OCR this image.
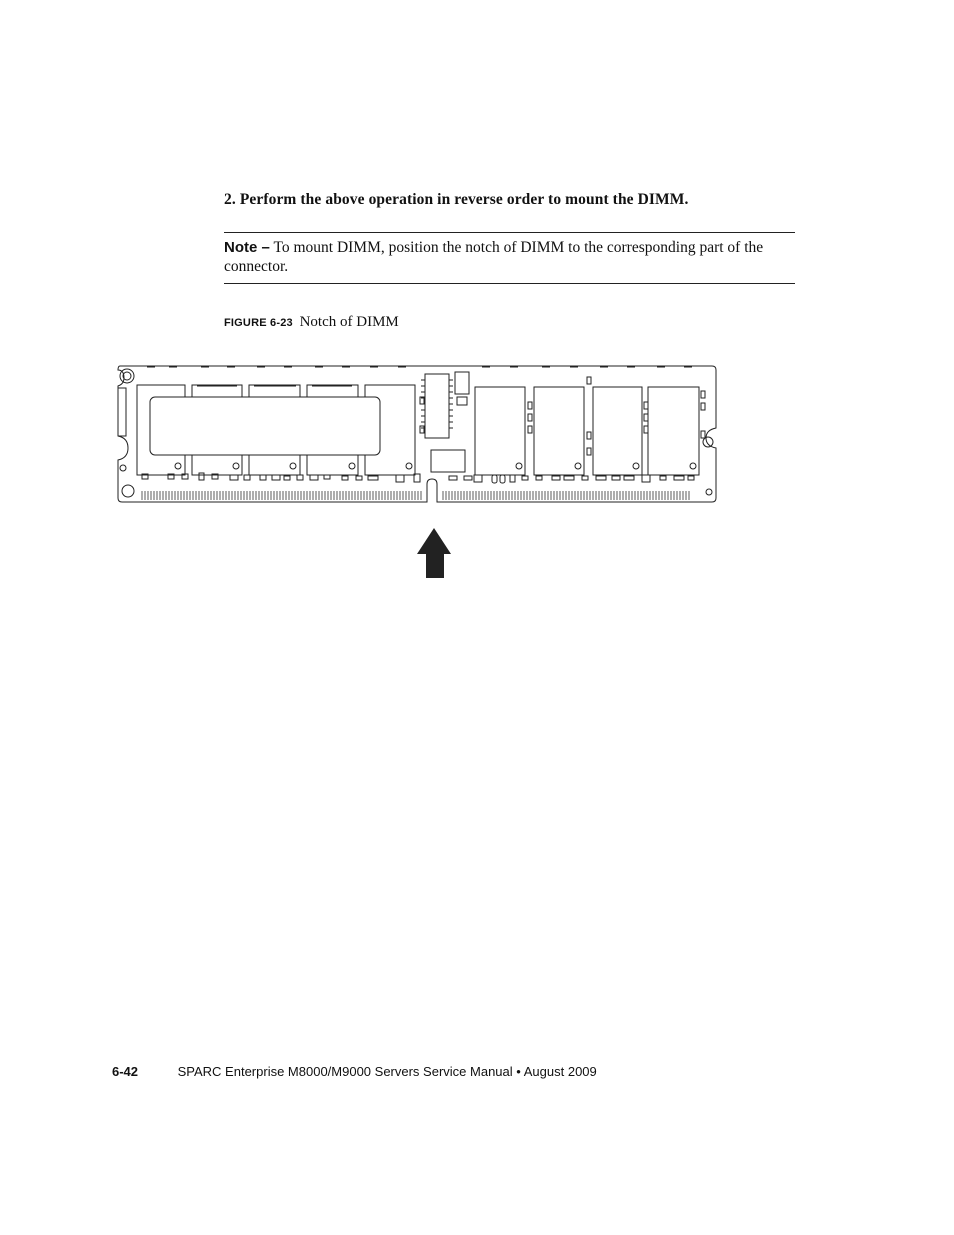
2. Perform the above operation in reverse order to mount the DIMM.
Note – To mount DIMM, position the notch of DIMM to the corresponding part of the connector.
FIGURE 6-23 Notch of DIMM
6-42	SPARC Enterprise M8000/M9000 Servers Service Manual • August 2009
